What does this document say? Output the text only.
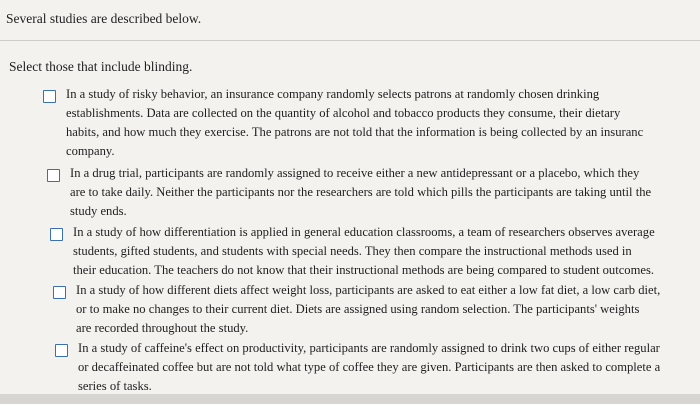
Several studies are described below.
Select those that include blinding.
In a study of risky behavior, an insurance company randomly selects patrons at randomly chosen drinking
establishments. Data are collected on the quantity of alcohol and tobacco products they consume, their dietary
habits, and how much they exercise. The patrons are not told that the information is being collected by an insuranc
company.
In a drug trial, participants are randomly assigned to receive either a new antidepressant or a placebo, which they
are to take daily. Neither the participants nor the researchers are told which pills the participants are taking until the
study ends.
In a study of how differentiation is applied in general education classrooms, a team of researchers observes average
students, gifted students, and students with special needs. They then compare the instructional methods used in
their education. The teachers do not know that their instructional methods are being compared to student outcomes.
In a study of how different diets affect weight loss, participants are asked to eat either a low fat diet, a low carb diet,
or to make no changes to their current diet. Diets are assigned using random selection. The participants' weights
are recorded throughout the study.
In a study of caffeine's effect on productivity, participants are randomly assigned to drink two cups of either regular
or decaffeinated coffee but are not told what type of coffee they are given. Participants are then asked to complete a
series of tasks.
